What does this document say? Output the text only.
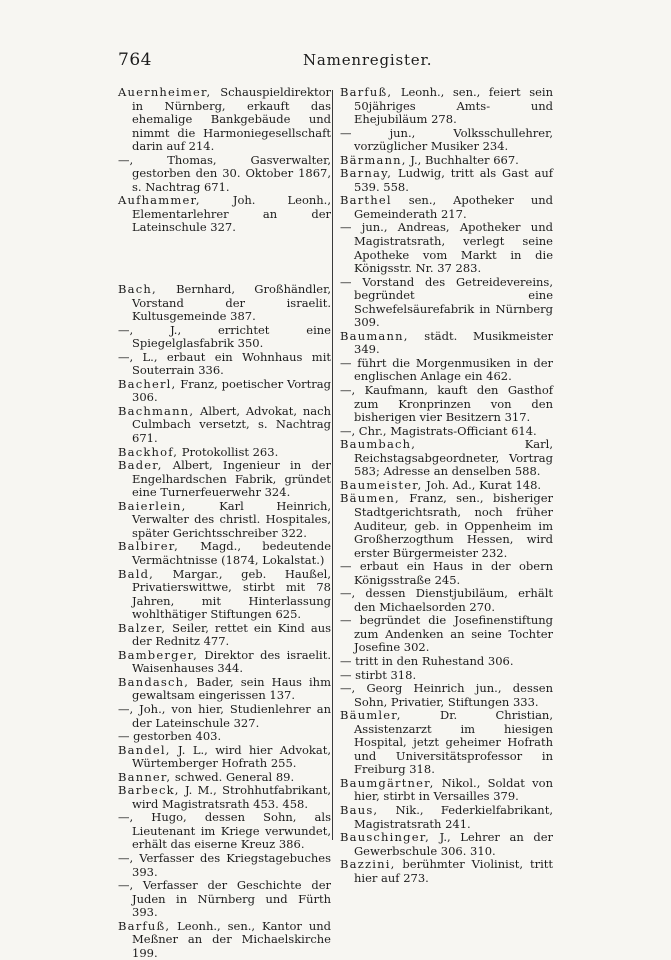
764	Namenregister.
Auernheimer, Schauspieldirektor in Nürnberg, erkauft das ehemalige Bankgebäude und nimmt die Harmoniegesellschaft darin auf 214.
—, Thomas, Gasverwalter, gestorben den 30. Oktober 1867, s. Nachtrag 671.
Aufhammer, Joh. Leonh., Elementarlehrer an der Lateinschule 327.
Bach, Bernhard, Großhändler, Vorstand der israelit. Kultusgemeinde 387.
—, J., errichtet eine Spiegelglasfabrik 350.
—, L., erbaut ein Wohnhaus mit Souterrain 336.
Bacherl, Franz, poetischer Vortrag 306.
Bachmann, Albert, Advokat, nach Culmbach versetzt, s. Nachtrag 671.
Backhof, Protokollist 263.
Bader, Albert, Ingenieur in der Engelhardschen Fabrik, gründet eine Turnerfeuerwehr 324.
Baierlein, Karl Heinrich, Verwalter des christl. Hospitales, später Gerichtsschreiber 322.
Balbirer, Magd., bedeutende Vermächtnisse (1874, Lokalstat.)
Bald, Margar., geb. Haußel, Privatierswittwe, stirbt mit 78 Jahren, mit Hinterlassung wohlthätiger Stiftungen 625.
Balzer, Seiler, rettet ein Kind aus der Rednitz 477.
Bamberger, Direktor des israelit. Waisenhauses 344.
Bandasch, Bader, sein Haus ihm gewaltsam eingerissen 137.
—, Joh., von hier, Studienlehrer an der Lateinschule 327.
— gestorben 403.
Bandel, J. L., wird hier Advokat, Würtemberger Hofrath 255.
Banner, schwed. General 89.
Barbeck, J. M., Strohhutfabrikant, wird Magistratsrath 453. 458.
—, Hugo, dessen Sohn, als Lieutenant im Kriege verwundet, erhält das eiserne Kreuz 386.
—, Verfasser des Kriegstagebuches 393.
—, Verfasser der Geschichte der Juden in Nürnberg und Fürth 393.
Barfuß, Leonh., sen., Kantor und Meßner an der Michaelskirche 199.
Barfuß, Leonh., sen., feiert sein 50jähriges Amts- und Ehejubiläum 278.
— jun., Volksschullehrer, vorzüglicher Musiker 234.
Bärmann, J., Buchhalter 667.
Barnay, Ludwig, tritt als Gast auf 539. 558.
Barthel sen., Apotheker und Gemeinderath 217.
— jun., Andreas, Apotheker und Magistratsrath, verlegt seine Apotheke vom Markt in die Königsstr. Nr. 37 283.
— Vorstand des Getreidevereins, begründet eine Schwefelsäurefabrik in Nürnberg 309.
Baumann, städt. Musikmeister 349.
— führt die Morgenmusiken in der englischen Anlage ein 462.
—, Kaufmann, kauft den Gasthof zum Kronprinzen von den bisherigen vier Besitzern 317.
—, Chr., Magistrats-Officiant 614.
Baumbach, Karl, Reichstagsabgeordneter, Vortrag 583; Adresse an denselben 588.
Baumeister, Joh. Ad., Kurat 148.
Bäumen, Franz, sen., bisheriger Stadtgerichtsrath, noch früher Auditeur, geb. in Oppenheim im Großherzogthum Hessen, wird erster Bürgermeister 232.
— erbaut ein Haus in der obern Königsstraße 245.
—, dessen Dienstjubiläum, erhält den Michaelsorden 270.
— begründet die Josefinenstiftung zum Andenken an seine Tochter Josefine 302.
— tritt in den Ruhestand 306.
— stirbt 318.
—, Georg Heinrich jun., dessen Sohn, Privatier, Stiftungen 333.
Bäumler, Dr. Christian, Assistenzarzt im hiesigen Hospital, jetzt geheimer Hofrath und Universitätsprofessor in Freiburg 318.
Baumgärtner, Nikol., Soldat von hier, stirbt in Versailles 379.
Baus, Nik., Federkielfabrikant, Magistratsrath 241.
Bauschinger, J., Lehrer an der Gewerbschule 306. 310.
Bazzini, berühmter Violinist, tritt hier auf 273.
